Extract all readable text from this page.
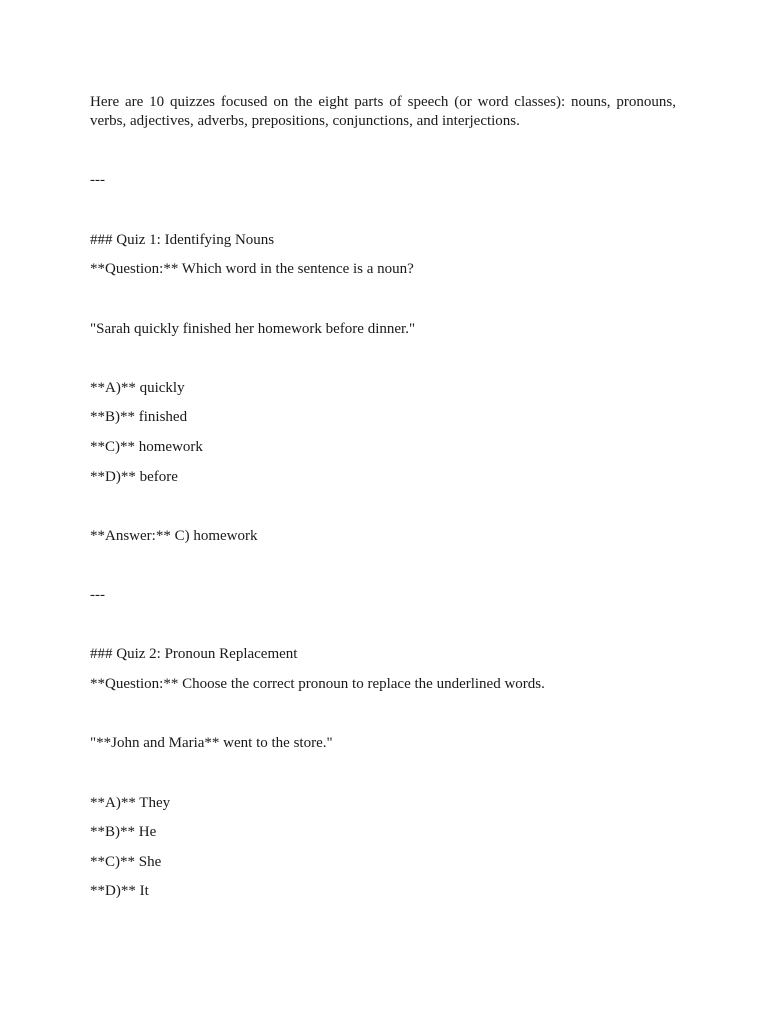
Here are 10 quizzes focused on the eight parts of speech (or word classes): nouns, pronouns, verbs, adjectives, adverbs, prepositions, conjunctions, and interjections.
---
### Quiz 1: Identifying Nouns
**Question:** Which word in the sentence is a noun?
"Sarah quickly finished her homework before dinner."
**A)** quickly
**B)** finished
**C)** homework
**D)** before
**Answer:** C) homework
---
### Quiz 2: Pronoun Replacement
**Question:** Choose the correct pronoun to replace the underlined words.
"**John and Maria** went to the store."
**A)** They
**B)** He
**C)** She
**D)** It
